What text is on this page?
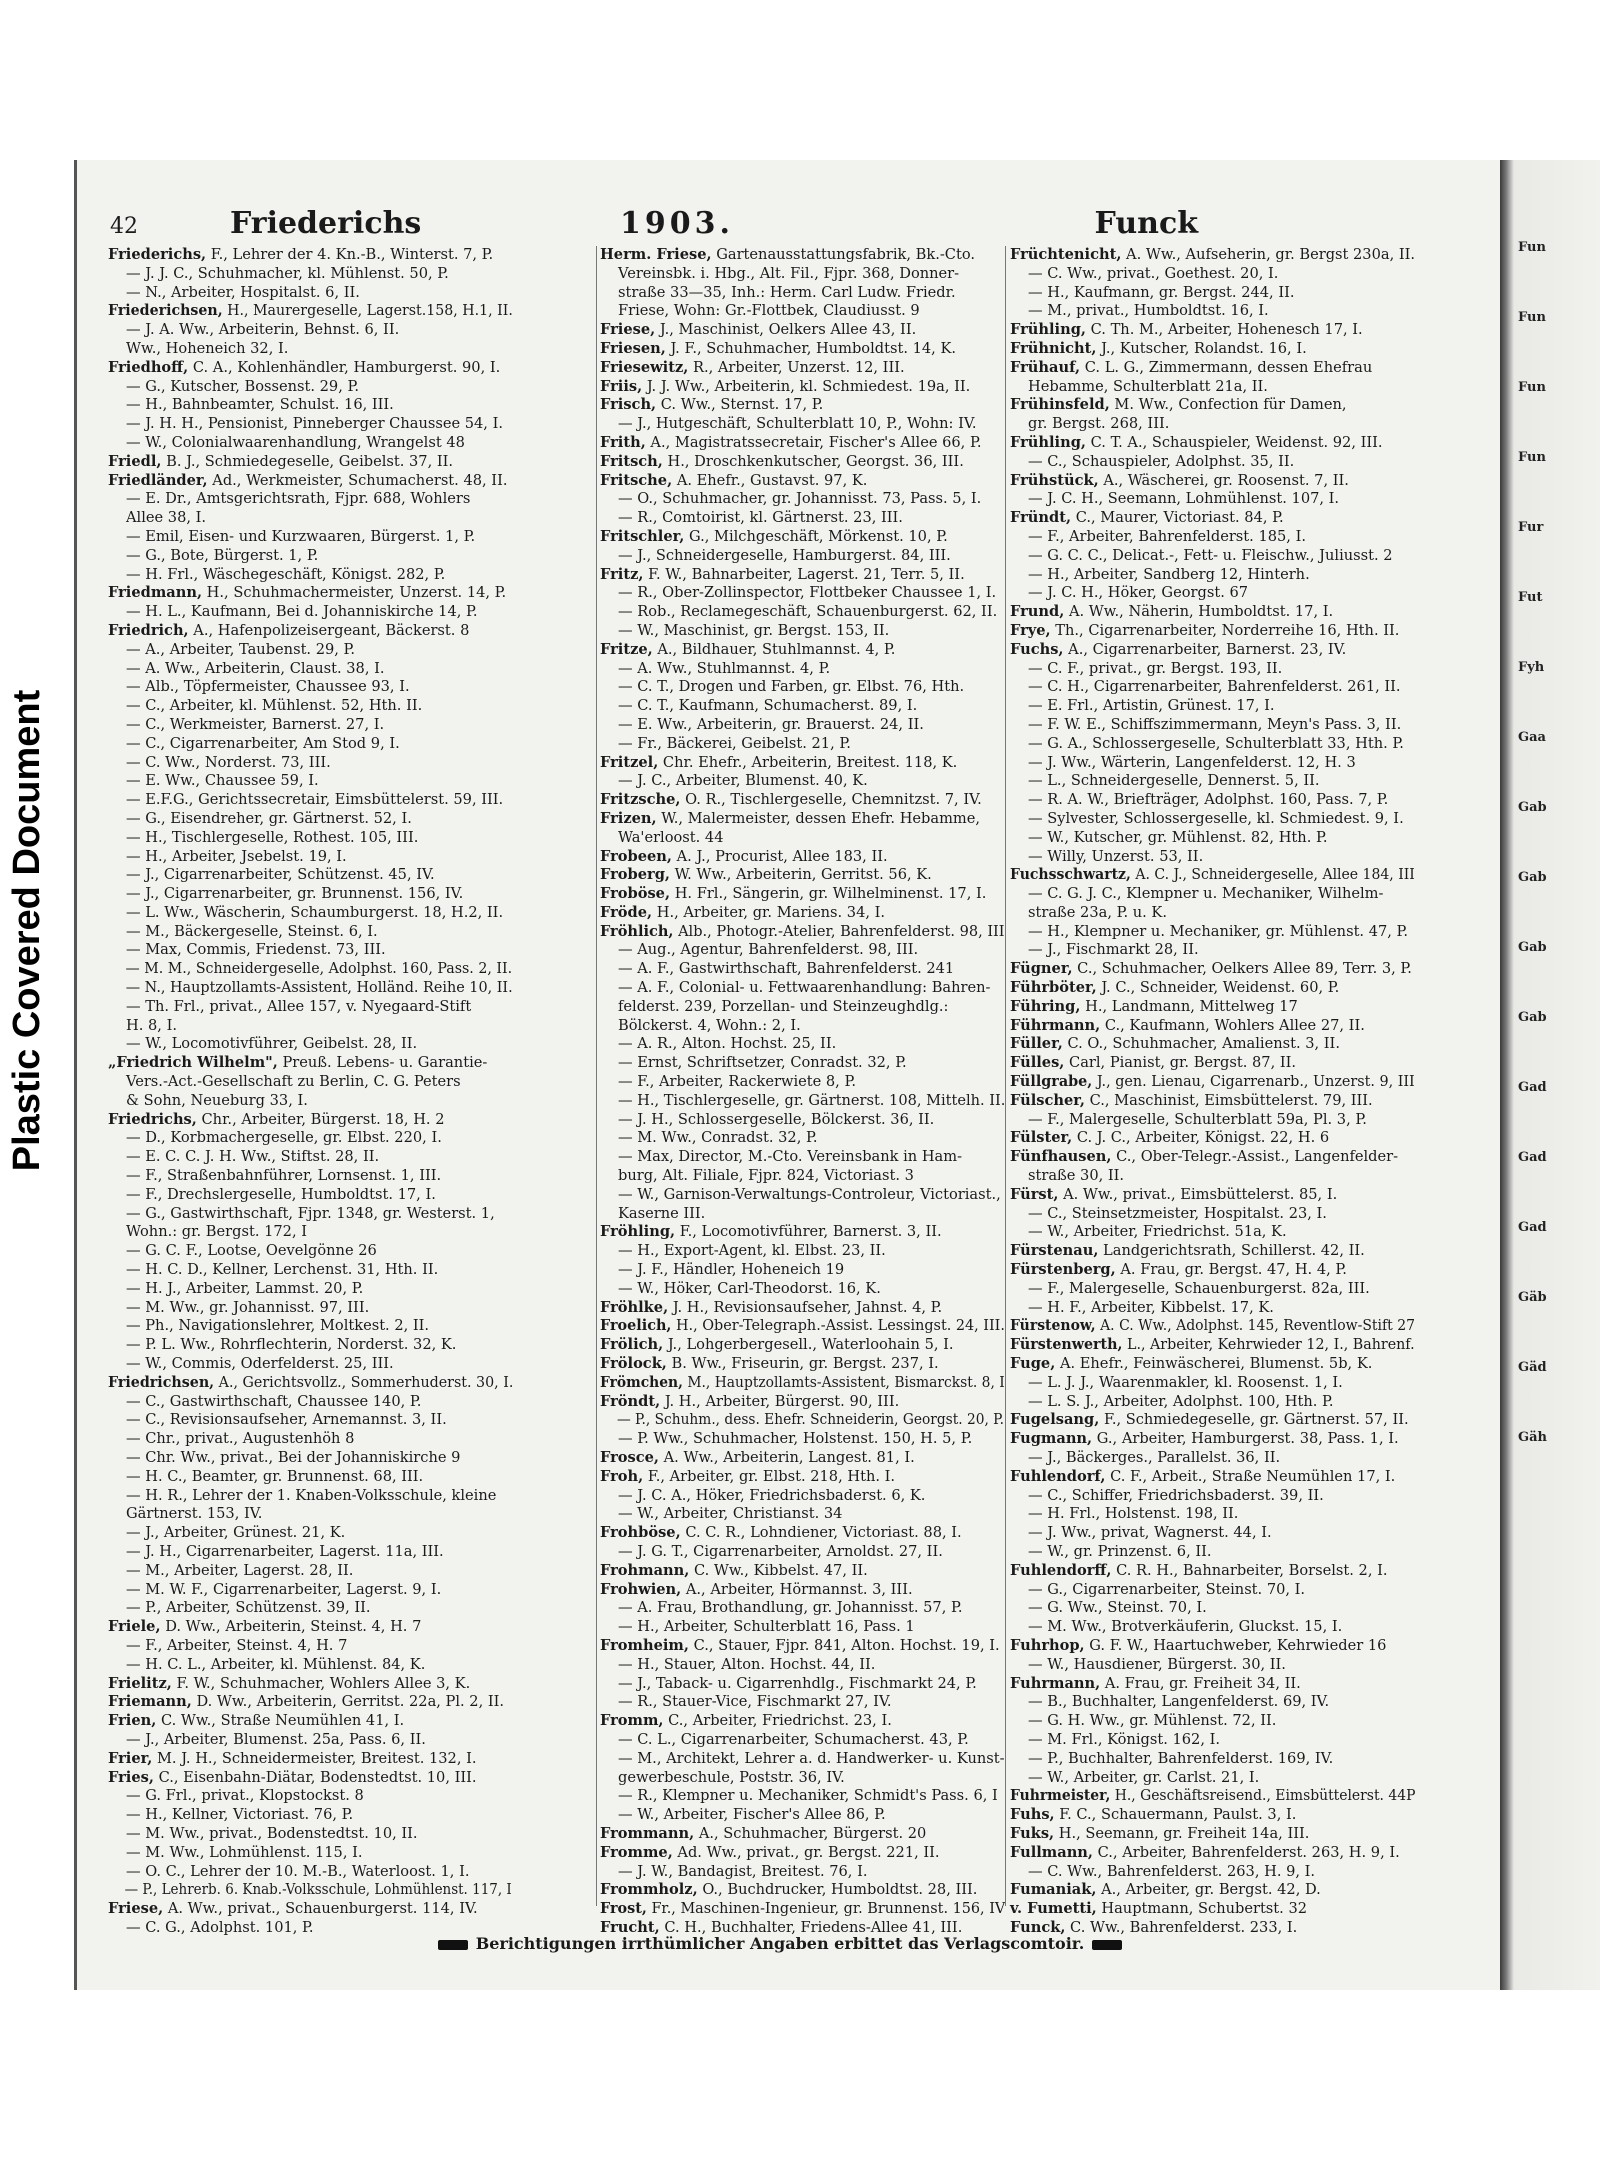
Plastic Covered Document
Fun
Fun
Fun
Fun
Fur
Fut
Fyh
Gaa
Gab
Gab
Gab
Gab
Gad
Gad
Gad
Gäb
Gäd
Gäh
42	Friederichs	1903.	Funck
Friederichs, F., Lehrer der 4. Kn.-B., Winterst. 7, P.
— J. J. C., Schuhmacher, kl. Mühlenst. 50, P.
— N., Arbeiter, Hospitalst. 6, II.
Friederichsen, H., Maurergeselle, Lagerst.158, H.1, II.
— J. A. Ww., Arbeiterin, Behnst. 6, II.
Ww., Hoheneich 32, I.
Friedhoff, C. A., Kohlenhändler, Hamburgerst. 90, I.
— G., Kutscher, Bossenst. 29, P.
— H., Bahnbeamter, Schulst. 16, III.
— J. H. H., Pensionist, Pinneberger Chaussee 54, I.
— W., Colonialwaarenhandlung, Wrangelst 48
Friedl, B. J., Schmiedegeselle, Geibelst. 37, II.
Friedländer, Ad., Werkmeister, Schumacherst. 48, II.
— E. Dr., Amtsgerichtsrath, Fjpr. 688, Wohlers
Allee 38, I.
— Emil, Eisen- und Kurzwaaren, Bürgerst. 1, P.
— G., Bote, Bürgerst. 1, P.
— H. Frl., Wäschegeschäft, Königst. 282, P.
Friedmann, H., Schuhmachermeister, Unzerst. 14, P.
— H. L., Kaufmann, Bei d. Johanniskirche 14, P.
Friedrich, A., Hafenpolizeisergeant, Bäckerst. 8
— A., Arbeiter, Taubenst. 29, P.
— A. Ww., Arbeiterin, Claust. 38, I.
— Alb., Töpfermeister, Chaussee 93, I.
— C., Arbeiter, kl. Mühlenst. 52, Hth. II.
— C., Werkmeister, Barnerst. 27, I.
— C., Cigarrenarbeiter, Am Stod 9, I.
— C. Ww., Norderst. 73, III.
— E. Ww., Chaussee 59, I.
— E.F.G., Gerichtssecretair, Eimsbüttelerst. 59, III.
— G., Eisendreher, gr. Gärtnerst. 52, I.
— H., Tischlergeselle, Rothest. 105, III.
— H., Arbeiter, Jsebelst. 19, I.
— J., Cigarrenarbeiter, Schützenst. 45, IV.
— J., Cigarrenarbeiter, gr. Brunnenst. 156, IV.
— L. Ww., Wäscherin, Schaumburgerst. 18, H.2, II.
— M., Bäckergeselle, Steinst. 6, I.
— Max, Commis, Friedenst. 73, III.
— M. M., Schneidergeselle, Adolphst. 160, Pass. 2, II.
— N., Hauptzollamts-Assistent, Holländ. Reihe 10, II.
— Th. Frl., privat., Allee 157, v. Nyegaard-Stift
H. 8, I.
— W., Locomotivführer, Geibelst. 28, II.
„Friedrich Wilhelm", Preuß. Lebens- u. Garantie-
Vers.-Act.-Gesellschaft zu Berlin, C. G. Peters
& Sohn, Neueburg 33, I.
Friedrichs, Chr., Arbeiter, Bürgerst. 18, H. 2
— D., Korbmachergeselle, gr. Elbst. 220, I.
— E. C. C. J. H. Ww., Stiftst. 28, II.
— F., Straßenbahnführer, Lornsenst. 1, III.
— F., Drechslergeselle, Humboldtst. 17, I.
— G., Gastwirthschaft, Fjpr. 1348, gr. Westerst. 1,
Wohn.: gr. Bergst. 172, I
— G. C. F., Lootse, Oevelgönne 26
— H. C. D., Kellner, Lerchenst. 31, Hth. II.
— H. J., Arbeiter, Lammst. 20, P.
— M. Ww., gr. Johannisst. 97, III.
— Ph., Navigationslehrer, Moltkest. 2, II.
— P. L. Ww., Rohrflechterin, Norderst. 32, K.
— W., Commis, Oderfelderst. 25, III.
Friedrichsen, A., Gerichtsvollz., Sommerhuderst. 30, I.
— C., Gastwirthschaft, Chaussee 140, P.
— C., Revisionsaufseher, Arnemannst. 3, II.
— Chr., privat., Augustenhöh 8
— Chr. Ww., privat., Bei der Johanniskirche 9
— H. C., Beamter, gr. Brunnenst. 68, III.
— H. R., Lehrer der 1. Knaben-Volksschule, kleine
Gärtnerst. 153, IV.
— J., Arbeiter, Grünest. 21, K.
— J. H., Cigarrenarbeiter, Lagerst. 11a, III.
— M., Arbeiter, Lagerst. 28, II.
— M. W. F., Cigarrenarbeiter, Lagerst. 9, I.
— P., Arbeiter, Schützenst. 39, II.
Friele, D. Ww., Arbeiterin, Steinst. 4, H. 7
— F., Arbeiter, Steinst. 4, H. 7
— H. C. L., Arbeiter, kl. Mühlenst. 84, K.
Frielitz, F. W., Schuhmacher, Wohlers Allee 3, K.
Friemann, D. Ww., Arbeiterin, Gerritst. 22a, Pl. 2, II.
Frien, C. Ww., Straße Neumühlen 41, I.
— J., Arbeiter, Blumenst. 25a, Pass. 6, II.
Frier, M. J. H., Schneidermeister, Breitest. 132, I.
Fries, C., Eisenbahn-Diätar, Bodenstedtst. 10, III.
— G. Frl., privat., Klopstockst. 8
— H., Kellner, Victoriast. 76, P.
— M. Ww., privat., Bodenstedtst. 10, II.
— M. Ww., Lohmühlenst. 115, I.
— O. C., Lehrer der 10. M.-B., Waterloost. 1, I.
— P., Lehrerb. 6. Knab.-Volksschule, Lohmühlenst. 117, I
Friese, A. Ww., privat., Schauenburgerst. 114, IV.
— C. G., Adolphst. 101, P.
Herm. Friese, Gartenausstattungsfabrik, Bk.-Cto.
Vereinsbk. i. Hbg., Alt. Fil., Fjpr. 368, Donner-
straße 33—35, Inh.: Herm. Carl Ludw. Friedr.
Friese, Wohn: Gr.-Flottbek, Claudiusst. 9
Friese, J., Maschinist, Oelkers Allee 43, II.
Friesen, J. F., Schuhmacher, Humboldtst. 14, K.
Friesewitz, R., Arbeiter, Unzerst. 12, III.
Friis, J. J. Ww., Arbeiterin, kl. Schmiedest. 19a, II.
Frisch, C. Ww., Sternst. 17, P.
— J., Hutgeschäft, Schulterblatt 10, P., Wohn: IV.
Frith, A., Magistratssecretair, Fischer's Allee 66, P.
Fritsch, H., Droschkenkutscher, Georgst. 36, III.
Fritsche, A. Ehefr., Gustavst. 97, K.
— O., Schuhmacher, gr. Johannisst. 73, Pass. 5, I.
— R., Comtoirist, kl. Gärtnerst. 23, III.
Fritschler, G., Milchgeschäft, Mörkenst. 10, P.
— J., Schneidergeselle, Hamburgerst. 84, III.
Fritz, F. W., Bahnarbeiter, Lagerst. 21, Terr. 5, II.
— R., Ober-Zollinspector, Flottbeker Chaussee 1, I.
— Rob., Reclamegeschäft, Schauenburgerst. 62, II.
— W., Maschinist, gr. Bergst. 153, II.
Fritze, A., Bildhauer, Stuhlmannst. 4, P.
— A. Ww., Stuhlmannst. 4, P.
— C. T., Drogen und Farben, gr. Elbst. 76, Hth.
— C. T., Kaufmann, Schumacherst. 89, I.
— E. Ww., Arbeiterin, gr. Brauerst. 24, II.
— Fr., Bäckerei, Geibelst. 21, P.
Fritzel, Chr. Ehefr., Arbeiterin, Breitest. 118, K.
— J. C., Arbeiter, Blumenst. 40, K.
Fritzsche, O. R., Tischlergeselle, Chemnitzst. 7, IV.
Frizen, W., Malermeister, dessen Ehefr. Hebamme,
Wa'erloost. 44
Frobeen, A. J., Procurist, Allee 183, II.
Froberg, W. Ww., Arbeiterin, Gerritst. 56, K.
Froböse, H. Frl., Sängerin, gr. Wilhelminenst. 17, I.
Fröde, H., Arbeiter, gr. Mariens. 34, I.
Fröhlich, Alb., Photogr.-Atelier, Bahrenfelderst. 98, III
— Aug., Agentur, Bahrenfelderst. 98, III.
— A. F., Gastwirthschaft, Bahrenfelderst. 241
— A. F., Colonial- u. Fettwaarenhandlung: Bahren-
felderst. 239, Porzellan- und Steinzeughdlg.:
Bölckerst. 4, Wohn.: 2, I.
— A. R., Alton. Hochst. 25, II.
— Ernst, Schriftsetzer, Conradst. 32, P.
— F., Arbeiter, Rackerwiete 8, P.
— H., Tischlergeselle, gr. Gärtnerst. 108, Mittelh. II.
— J. H., Schlossergeselle, Bölckerst. 36, II.
— M. Ww., Conradst. 32, P.
— Max, Director, M.-Cto. Vereinsbank in Ham-
burg, Alt. Filiale, Fjpr. 824, Victoriast. 3
— W., Garnison-Verwaltungs-Controleur, Victoriast.,
Kaserne III.
Fröhling, F., Locomotivführer, Barnerst. 3, II.
— H., Export-Agent, kl. Elbst. 23, II.
— J. F., Händler, Hoheneich 19
— W., Höker, Carl-Theodorst. 16, K.
Fröhlke, J. H., Revisionsaufseher, Jahnst. 4, P.
Froelich, H., Ober-Telegraph.-Assist. Lessingst. 24, III.
Frölich, J., Lohgerbergesell., Waterloohain 5, I.
Frölock, B. Ww., Friseurin, gr. Bergst. 237, I.
Frömchen, M., Hauptzollamts-Assistent, Bismarckst. 8, I
Fröndt, J. H., Arbeiter, Bürgerst. 90, III.
— P., Schuhm., dess. Ehefr. Schneiderin, Georgst. 20, P.
— P. Ww., Schuhmacher, Holstenst. 150, H. 5, P.
Frosce, A. Ww., Arbeiterin, Langest. 81, I.
Froh, F., Arbeiter, gr. Elbst. 218, Hth. I.
— J. C. A., Höker, Friedrichsbaderst. 6, K.
— W., Arbeiter, Christianst. 34
Frohböse, C. C. R., Lohndiener, Victoriast. 88, I.
— J. G. T., Cigarrenarbeiter, Arnoldst. 27, II.
Frohmann, C. Ww., Kibbelst. 47, II.
Frohwien, A., Arbeiter, Hörmannst. 3, III.
— A. Frau, Brothandlung, gr. Johannisst. 57, P.
— H., Arbeiter, Schulterblatt 16, Pass. 1
Fromheim, C., Stauer, Fjpr. 841, Alton. Hochst. 19, I.
— H., Stauer, Alton. Hochst. 44, II.
— J., Taback- u. Cigarrenhdlg., Fischmarkt 24, P.
— R., Stauer-Vice, Fischmarkt 27, IV.
Fromm, C., Arbeiter, Friedrichst. 23, I.
— C. L., Cigarrenarbeiter, Schumacherst. 43, P.
— M., Architekt, Lehrer a. d. Handwerker- u. Kunst-
gewerbeschule, Poststr. 36, IV.
— R., Klempner u. Mechaniker, Schmidt's Pass. 6, I
— W., Arbeiter, Fischer's Allee 86, P.
Frommann, A., Schuhmacher, Bürgerst. 20
Fromme, Ad. Ww., privat., gr. Bergst. 221, II.
— J. W., Bandagist, Breitest. 76, I.
Frommholz, O., Buchdrucker, Humboldtst. 28, III.
Frost, Fr., Maschinen-Ingenieur, gr. Brunnenst. 156, IV
Frucht, C. H., Buchhalter, Friedens-Allee 41, III.
Früchtenicht, A. Ww., Aufseherin, gr. Bergst 230a, II.
— C. Ww., privat., Goethest. 20, I.
— H., Kaufmann, gr. Bergst. 244, II.
— M., privat., Humboldtst. 16, I.
Frühling, C. Th. M., Arbeiter, Hohenesch 17, I.
Frühnicht, J., Kutscher, Rolandst. 16, I.
Frühauf, C. L. G., Zimmermann, dessen Ehefrau
Hebamme, Schulterblatt 21a, II.
Frühinsfeld, M. Ww., Confection für Damen,
gr. Bergst. 268, III.
Frühling, C. T. A., Schauspieler, Weidenst. 92, III.
— C., Schauspieler, Adolphst. 35, II.
Frühstück, A., Wäscherei, gr. Roosenst. 7, II.
— J. C. H., Seemann, Lohmühlenst. 107, I.
Fründt, C., Maurer, Victoriast. 84, P.
— F., Arbeiter, Bahrenfelderst. 185, I.
— G. C. C., Delicat.-, Fett- u. Fleischw., Juliusst. 2
— H., Arbeiter, Sandberg 12, Hinterh.
— J. C. H., Höker, Georgst. 67
Frund, A. Ww., Näherin, Humboldtst. 17, I.
Frye, Th., Cigarrenarbeiter, Norderreihe 16, Hth. II.
Fuchs, A., Cigarrenarbeiter, Barnerst. 23, IV.
— C. F., privat., gr. Bergst. 193, II.
— C. H., Cigarrenarbeiter, Bahrenfelderst. 261, II.
— E. Frl., Artistin, Grünest. 17, I.
— F. W. E., Schiffszimmermann, Meyn's Pass. 3, II.
— G. A., Schlossergeselle, Schulterblatt 33, Hth. P.
— J. Ww., Wärterin, Langenfelderst. 12, H. 3
— L., Schneidergeselle, Dennerst. 5, II.
— R. A. W., Briefträger, Adolphst. 160, Pass. 7, P.
— Sylvester, Schlossergeselle, kl. Schmiedest. 9, I.
— W., Kutscher, gr. Mühlenst. 82, Hth. P.
— Willy, Unzerst. 53, II.
Fuchsschwartz, A. C. J., Schneidergeselle, Allee 184, III
— C. G. J. C., Klempner u. Mechaniker, Wilhelm-
straße 23a, P. u. K.
— H., Klempner u. Mechaniker, gr. Mühlenst. 47, P.
— J., Fischmarkt 28, II.
Fügner, C., Schuhmacher, Oelkers Allee 89, Terr. 3, P.
Führböter, J. C., Schneider, Weidenst. 60, P.
Führing, H., Landmann, Mittelweg 17
Führmann, C., Kaufmann, Wohlers Allee 27, II.
Füller, C. O., Schuhmacher, Amalienst. 3, II.
Fülles, Carl, Pianist, gr. Bergst. 87, II.
Füllgrabe, J., gen. Lienau, Cigarrenarb., Unzerst. 9, III
Fülscher, C., Maschinist, Eimsbüttelerst. 79, III.
— F., Malergeselle, Schulterblatt 59a, Pl. 3, P.
Fülster, C. J. C., Arbeiter, Königst. 22, H. 6
Fünfhausen, C., Ober-Telegr.-Assist., Langenfelder-
straße 30, II.
Fürst, A. Ww., privat., Eimsbüttelerst. 85, I.
— C., Steinsetzmeister, Hospitalst. 23, I.
— W., Arbeiter, Friedrichst. 51a, K.
Fürstenau, Landgerichtsrath, Schillerst. 42, II.
Fürstenberg, A. Frau, gr. Bergst. 47, H. 4, P.
— F., Malergeselle, Schauenburgerst. 82a, III.
— H. F., Arbeiter, Kibbelst. 17, K.
Fürstenow, A. C. Ww., Adolphst. 145, Reventlow-Stift 27
Fürstenwerth, L., Arbeiter, Kehrwieder 12, I., Bahrenf.
Fuge, A. Ehefr., Feinwäscherei, Blumenst. 5b, K.
— L. J. J., Waarenmakler, kl. Roosenst. 1, I.
— L. S. J., Arbeiter, Adolphst. 100, Hth. P.
Fugelsang, F., Schmiedegeselle, gr. Gärtnerst. 57, II.
Fugmann, G., Arbeiter, Hamburgerst. 38, Pass. 1, I.
— J., Bäckerges., Parallelst. 36, II.
Fuhlendorf, C. F., Arbeit., Straße Neumühlen 17, I.
— C., Schiffer, Friedrichsbaderst. 39, II.
— H. Frl., Holstenst. 198, II.
— J. Ww., privat, Wagnerst. 44, I.
— W., gr. Prinzenst. 6, II.
Fuhlendorff, C. R. H., Bahnarbeiter, Borselst. 2, I.
— G., Cigarrenarbeiter, Steinst. 70, I.
— G. Ww., Steinst. 70, I.
— M. Ww., Brotverkäuferin, Gluckst. 15, I.
Fuhrhop, G. F. W., Haartuchweber, Kehrwieder 16
— W., Hausdiener, Bürgerst. 30, II.
Fuhrmann, A. Frau, gr. Freiheit 34, II.
— B., Buchhalter, Langenfelderst. 69, IV.
— G. H. Ww., gr. Mühlenst. 72, II.
— M. Frl., Königst. 162, I.
— P., Buchhalter, Bahrenfelderst. 169, IV.
— W., Arbeiter, gr. Carlst. 21, I.
Fuhrmeister, H., Geschäftsreisend., Eimsbüttelerst. 44P
Fuhs, F. C., Schauermann, Paulst. 3, I.
Fuks, H., Seemann, gr. Freiheit 14a, III.
Fullmann, C., Arbeiter, Bahrenfelderst. 263, H. 9, I.
— C. Ww., Bahrenfelderst. 263, H. 9, I.
Fumaniak, A., Arbeiter, gr. Bergst. 42, D.
v. Fumetti, Hauptmann, Schubertst. 32
Funck, C. Ww., Bahrenfelderst. 233, I.
Berichtigungen irrthümlicher Angaben erbittet das Verlagscomtoir.
